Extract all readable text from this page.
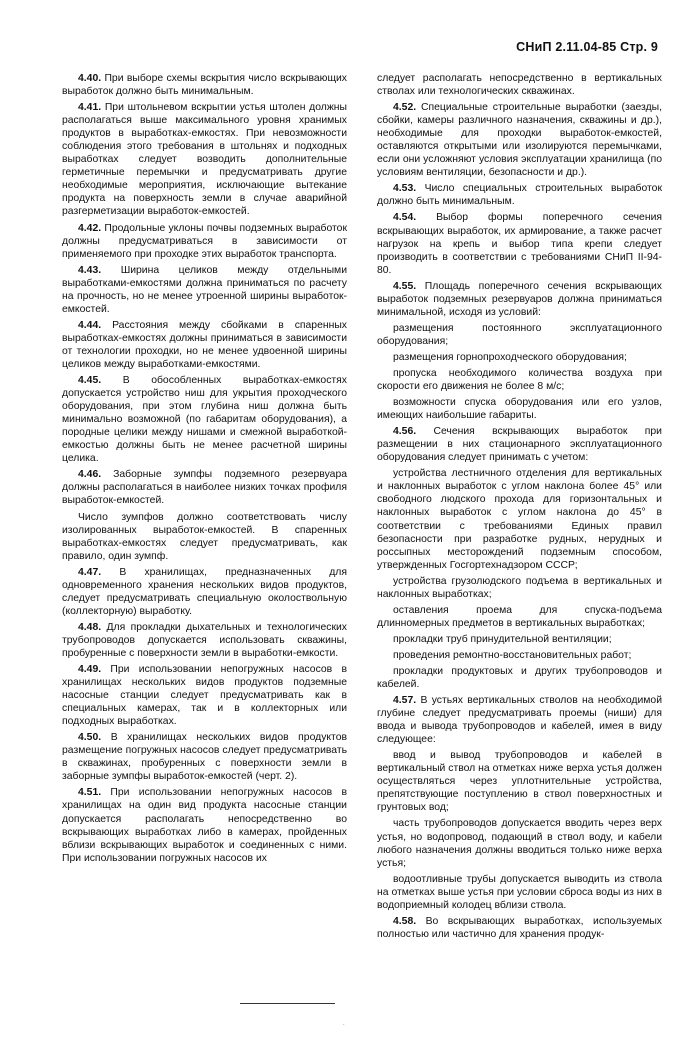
СНиП 2.11.04-85 Стр. 9

4.40. При выборе схемы вскрытия число вскрывающих выработок должно быть минимальным.

4.41. При штольневом вскрытии устья штолен должны располагаться выше максимального уровня хранимых продуктов в выработках-емкостях. При невозможности соблюдения этого требования в штольнях и подходных выработках следует возводить дополнительные герметичные перемычки и предусматривать другие необходимые мероприятия, исключающие вытекание продукта на поверхность земли в случае аварийной разгерметизации выработок-емкостей.

4.42. Продольные уклоны почвы подземных выработок должны предусматриваться в зависимости от применяемого при проходке этих выработок транспорта.

4.43. Ширина целиков между отдельными выработками-емкостями должна приниматься по расчету на прочность, но не менее утроенной ширины выработок-емкостей.

4.44. Расстояния между сбойками в спаренных выработках-емкостях должны приниматься в зависимости от технологии проходки, но не менее удвоенной ширины целиков между выработками-емкостями.

4.45. В обособленных выработках-емкостях допускается устройство ниш для укрытия проходческого оборудования, при этом глубина ниш должна быть минимально возможной (по габаритам оборудования), а породные целики между нишами и смежной выработкой-емкостью должны быть не менее расчетной ширины целика.

4.46. Заборные зумпфы подземного резервуара должны располагаться в наиболее низких точках профиля выработок-емкостей.

Число зумпфов должно соответствовать числу изолированных выработок-емкостей. В спаренных выработках-емкостях следует предусматривать, как правило, один зумпф.

4.47. В хранилищах, предназначенных для одновременного хранения нескольких видов продуктов, следует предусматривать специальную околоствольную (коллекторную) выработку.

4.48. Для прокладки дыхательных и технологических трубопроводов допускается использовать скважины, пробуренные с поверхности земли в выработки-емкости.

4.49. При использовании непогружных насосов в хранилищах нескольких видов продуктов подземные насосные станции следует предусматривать как в специальных камерах, так и в коллекторных или подходных выработках.

4.50. В хранилищах нескольких видов продуктов размещение погружных насосов следует предусматривать в скважинах, пробуренных с поверхности земли в заборные зумпфы выработок-емкостей (черт. 2).

4.51. При использовании непогружных насосов в хранилищах на один вид продукта насосные станции допускается располагать непосредственно во вскрывающих выработках либо в камерах, пройденных вблизи вскрывающих выработок и соединенных с ними. При использовании погружных насосов их

следует располагать непосредственно в вертикальных стволах или технологических скважинах.

4.52. Специальные строительные выработки (заезды, сбойки, камеры различного назначения, скважины и др.), необходимые для проходки выработок-емкостей, оставляются открытыми или изолируются перемычками, если они усложняют условия эксплуатации хранилища (по условиям вентиляции, безопасности и др.).

4.53. Число специальных строительных выработок должно быть минимальным.

4.54. Выбор формы поперечного сечения вскрывающих выработок, их армирование, а также расчет нагрузок на крепь и выбор типа крепи следует производить в соответствии с требованиями СНиП II-94-80.

4.55. Площадь поперечного сечения вскрывающих выработок подземных резервуаров должна приниматься минимальной, исходя из условий:

размещения постоянного эксплуатационного оборудования;

размещения горнопроходческого оборудования;

пропуска необходимого количества воздуха при скорости его движения не более 8 м/с;

возможности спуска оборудования или его узлов, имеющих наибольшие габариты.

4.56. Сечения вскрывающих выработок при размещении в них стационарного эксплуатационного оборудования следует принимать с учетом:

устройства лестничного отделения для вертикальных и наклонных выработок с углом наклона более 45° или свободного людского прохода для горизонтальных и наклонных выработок с углом наклона до 45° в соответствии с требованиями Единых правил безопасности при разработке рудных, нерудных и россыпных месторождений подземным способом, утвержденных Госгортехнадзором СССР;

устройства грузолюдского подъема в вертикальных и наклонных выработках;

оставления проема для спуска-подъема длинномерных предметов в вертикальных выработках;

прокладки труб принудительной вентиляции;

проведения ремонтно-восстановительных работ;

прокладки продуктовых и других трубопроводов и кабелей.

4.57. В устьях вертикальных стволов на необходимой глубине следует предусматривать проемы (ниши) для ввода и вывода трубопроводов и кабелей, имея в виду следующее:

ввод и вывод трубопроводов и кабелей в вертикальный ствол на отметках ниже верха устья должен осуществляться через уплотнительные устройства, препятствующие поступлению в ствол поверхностных и грунтовых вод;

часть трубопроводов допускается вводить через верх устья, но водопровод, подающий в ствол воду, и кабели любого назначения должны вводиться только ниже верха устья;

водоотливные трубы допускается выводить из ствола на отметках выше устья при условии сброса воды из них в водоприемный колодец вблизи ствола.

4.58. Во вскрывающих выработках, используемых полностью или частично для хранения продук-

.
